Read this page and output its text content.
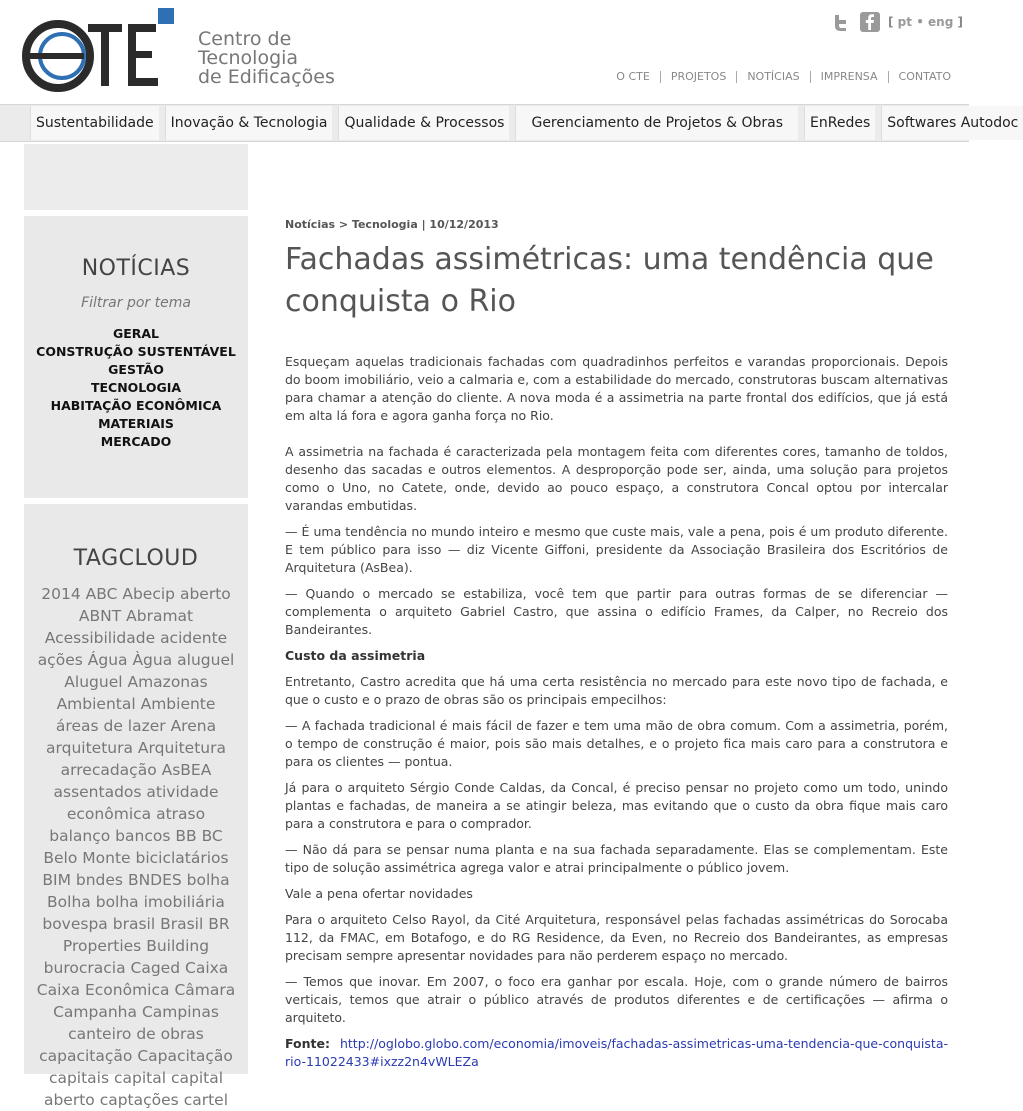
Centro de
Tecnologia
de Edificações
[ pt • eng ]
O CTE	PROJETOS	NOTÍCIAS	IMPRENSA	CONTATO
Sustentabilidade	Inovação & Tecnologia	Qualidade & Processos	Gerenciamento de Projetos & Obras	EnRedes	Softwares Autodoc
NOTÍCIAS
Filtrar por tema
GERAL
CONSTRUÇÃO SUSTENTÁVEL
GESTÃO
TECNOLOGIA
HABITAÇÃO ECONÔMICA
MATERIAIS
MERCADO
TAGCLOUD
2014 ABC Abecip aberto ABNT Abramat Acessibilidade acidente ações Água Àgua aluguel Aluguel Amazonas Ambiental Ambiente áreas de lazer Arena arquitetura Arquitetura arrecadação AsBEA assentados atividade econômica atraso balanço bancos BB BC Belo Monte biciclatários BIM bndes BNDES bolha Bolha bolha imobiliária bovespa brasil Brasil BR Properties Building burocracia Caged Caixa Caixa Econômica Câmara Campanha Campinas canteiro de obras capacitação Capacitação capitais capital capital aberto captações cartel
Notícias > Tecnologia | 10/12/2013
Fachadas assimétricas: uma tendência que conquista o Rio

Esqueçam aquelas tradicionais fachadas com quadradinhos perfeitos e varandas proporcionais. Depois do boom imobiliário, veio a calmaria e, com a estabilidade do mercado, construtoras buscam alternativas para chamar a atenção do cliente. A nova moda é a assimetria na parte frontal dos edifícios, que já está em alta lá fora e agora ganha força no Rio.

A assimetria na fachada é caracterizada pela montagem feita com diferentes cores, tamanho de toldos, desenho das sacadas e outros elementos. A desproporção pode ser, ainda, uma solução para projetos como o Uno, no Catete, onde, devido ao pouco espaço, a construtora Concal optou por intercalar varandas embutidas.

— É uma tendência no mundo inteiro e mesmo que custe mais, vale a pena, pois é um produto diferente. E tem público para isso — diz Vicente Giffoni, presidente da Associação Brasileira dos Escritórios de Arquitetura (AsBea).

— Quando o mercado se estabiliza, você tem que partir para outras formas de se diferenciar — complementa o arquiteto Gabriel Castro, que assina o edifício Frames, da Calper, no Recreio dos Bandeirantes.

Custo da assimetria

Entretanto, Castro acredita que há uma certa resistência no mercado para este novo tipo de fachada, e que o custo e o prazo de obras são os principais empecilhos:

— A fachada tradicional é mais fácil de fazer e tem uma mão de obra comum. Com a assimetria, porém, o tempo de construção é maior, pois são mais detalhes, e o projeto fica mais caro para a construtora e para os clientes — pontua.

Já para o arquiteto Sérgio Conde Caldas, da Concal, é preciso pensar no projeto como um todo, unindo plantas e fachadas, de maneira a se atingir beleza, mas evitando que o custo da obra fique mais caro para a construtora e para o comprador.

— Não dá para se pensar numa planta e na sua fachada separadamente. Elas se complementam. Este tipo de solução assimétrica agrega valor e atrai principalmente o público jovem.

Vale a pena ofertar novidades

Para o arquiteto Celso Rayol, da Cité Arquitetura, responsável pelas fachadas assimétricas do Sorocaba 112, da FMAC, em Botafogo, e do RG Residence, da Even, no Recreio dos Bandeirantes, as empresas precisam sempre apresentar novidades para não perderem espaço no mercado.

— Temos que inovar. Em 2007, o foco era ganhar por escala. Hoje, com o grande número de bairros verticais, temos que atrair o público através de produtos diferentes e de certificações — afirma o arquiteto.

Fonte: http://oglobo.globo.com/economia/imoveis/fachadas-assimetricas-uma-tendencia-que-conquista-rio-11022433#ixzz2n4vWLEZa
